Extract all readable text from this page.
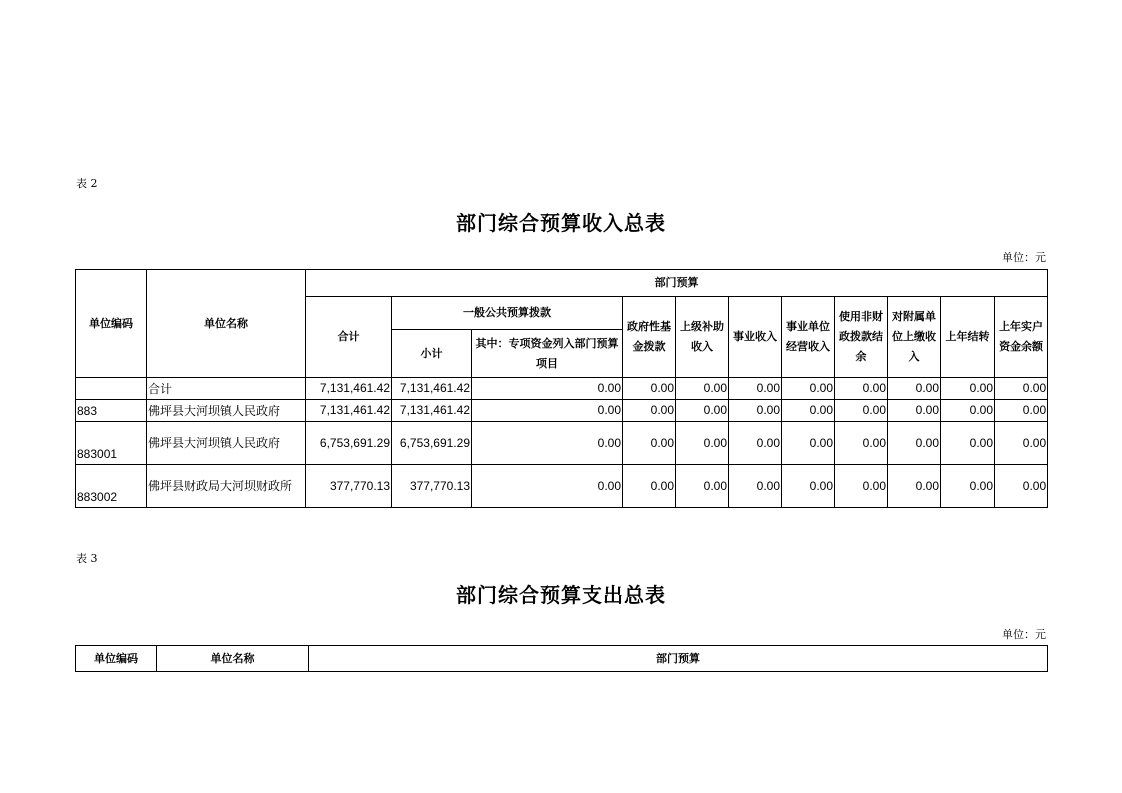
表 2
部门综合预算收入总表
单位：元
单位编码	单位名称	部门预算											
		合计	一般公共预算拨款		政府性基金拨款	上级补助收入	事业收入	事业单位经营收入	使用非财政拨款结余	对附属单位上缴收入	上年结转	上年实户资金余额	
			小计	其中：专项资金列入部门预算项目									
	合计	7,131,461.42	7,131,461.42	0.00	0.00	0.00	0.00	0.00	0.00	0.00	0.00	0.00	
883	佛坪县大河坝镇人民政府	7,131,461.42	7,131,461.42	0.00	0.00	0.00	0.00	0.00	0.00	0.00	0.00	0.00	
883001	佛坪县大河坝镇人民政府	6,753,691.29	6,753,691.29	0.00	0.00	0.00	0.00	0.00	0.00	0.00	0.00	0.00	
883002	佛坪县财政局大河坝财政所	377,770.13	377,770.13	0.00	0.00	0.00	0.00	0.00	0.00	0.00	0.00	0.00	
表 3
部门综合预算支出总表
单位：元
单位编码	单位名称	部门预算
